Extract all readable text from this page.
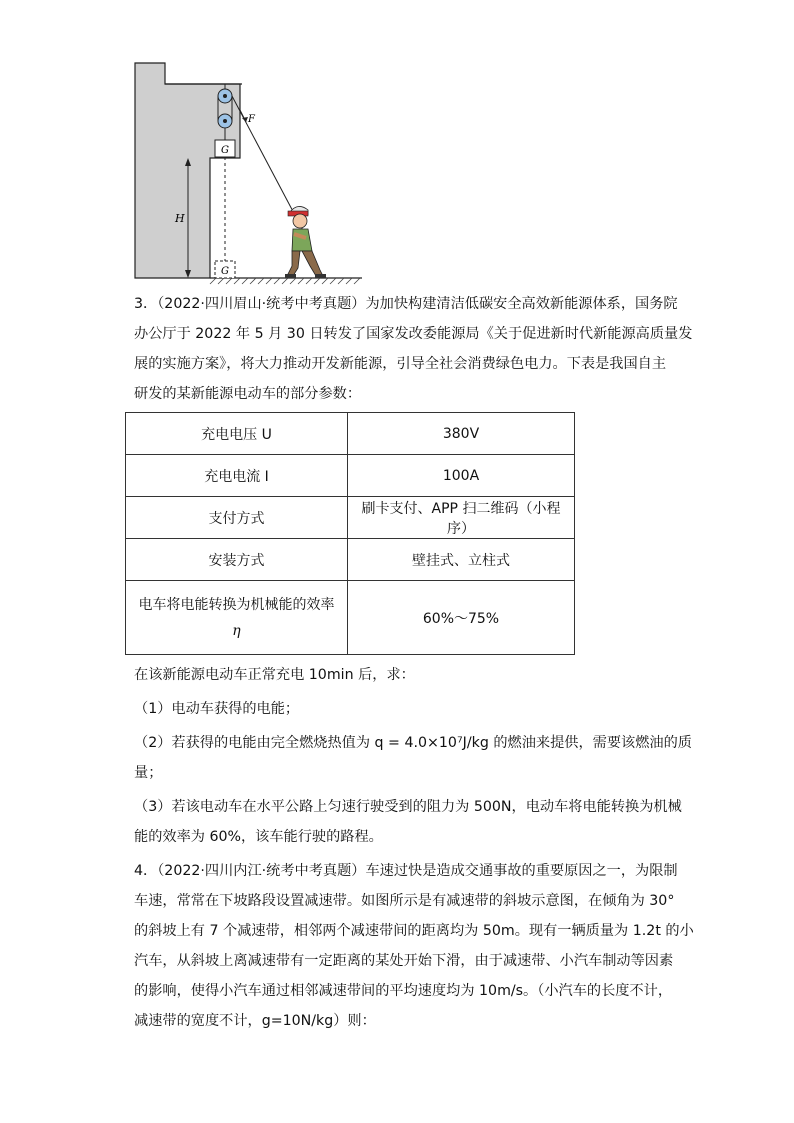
F
G
G
H
3．（2022·四川眉山·统考中考真题）为加快构建清洁低碳安全高效新能源体系，国务院
办公厅于 2022 年 5 月 30 日转发了国家发改委能源局《关于促进新时代新能源高质量发
展的实施方案》，将大力推动开发新能源，引导全社会消费绿色电力。下表是我国自主
研发的某新能源电动车的部分参数：
充电电压 U	380V
充电电流 I	100A
支付方式	刷卡支付、APP 扫二维码（小程序）
安装方式	壁挂式、立柱式

电车将电能转换为机械能的效率
η	60%～75%
在该新能源电动车正常充电 10min 后，求：
（1）电动车获得的电能；
（2）若获得的电能由完全燃烧热值为 q = 4.0×10⁷J/kg 的燃油来提供，需要该燃油的质
量；
（3）若该电动车在水平公路上匀速行驶受到的阻力为 500N，电动车将电能转换为机械
能的效率为 60%，该车能行驶的路程。
4．（2022·四川内江·统考中考真题）车速过快是造成交通事故的重要原因之一，为限制
车速，常常在下坡路段设置减速带。如图所示是有减速带的斜坡示意图，在倾角为 30°
的斜坡上有 7 个减速带，相邻两个减速带间的距离均为 50m。现有一辆质量为 1.2t 的小
汽车，从斜坡上离减速带有一定距离的某处开始下滑，由于减速带、小汽车制动等因素
的影响，使得小汽车通过相邻减速带间的平均速度均为 10m/s。（小汽车的长度不计，
减速带的宽度不计，g=10N/kg）则：
